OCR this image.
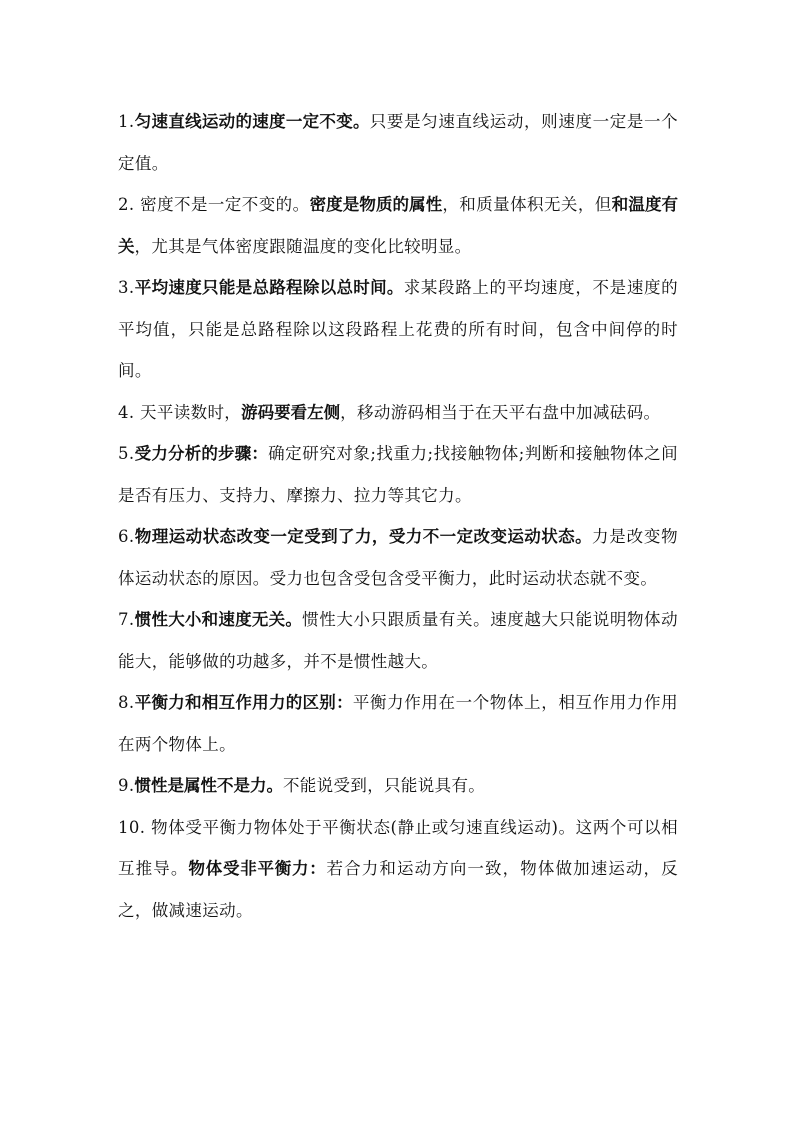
1.匀速直线运动的速度一定不变。只要是匀速直线运动，则速度一定是一个定值。

2. 密度不是一定不变的。密度是物质的属性，和质量体积无关，但和温度有关，尤其是气体密度跟随温度的变化比较明显。

3.平均速度只能是总路程除以总时间。求某段路上的平均速度，不是速度的平均值，只能是总路程除以这段路程上花费的所有时间，包含中间停的时间。

4. 天平读数时，游码要看左侧，移动游码相当于在天平右盘中加减砝码。

5.受力分析的步骤：确定研究对象;找重力;找接触物体;判断和接触物体之间是否有压力、支持力、摩擦力、拉力等其它力。

6.物理运动状态改变一定受到了力，受力不一定改变运动状态。力是改变物体运动状态的原因。受力也包含受包含受平衡力，此时运动状态就不变。

7.惯性大小和速度无关。惯性大小只跟质量有关。速度越大只能说明物体动能大，能够做的功越多，并不是惯性越大。

8.平衡力和相互作用力的区别：平衡力作用在一个物体上，相互作用力作用在两个物体上。

9.惯性是属性不是力。不能说受到，只能说具有。

10. 物体受平衡力物体处于平衡状态(静止或匀速直线运动)。这两个可以相互推导。物体受非平衡力：若合力和运动方向一致，物体做加速运动，反之，做减速运动。
